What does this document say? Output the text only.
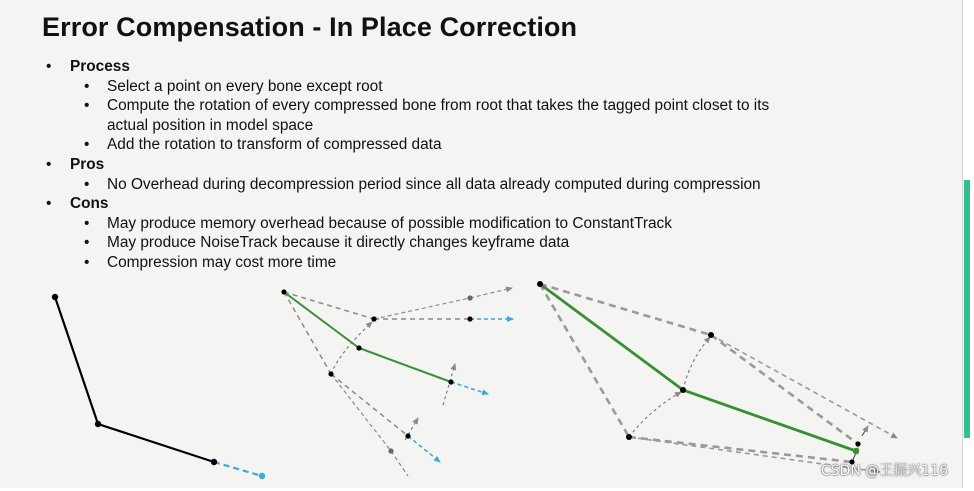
Error Compensation - In Place Correction
• Process
• Select a point on every bone except root
• Compute the rotation of every compressed bone from root that takes the tagged point closet to its actual position in model space
• Add the rotation to transform of compressed data
• Pros
• No Overhead during decompression period since all data already computed during compression
• Cons
• May produce memory overhead because of possible modification to ConstantTrack
• May produce NoiseTrack because it directly changes keyframe data
• Compression may cost more time
CSDN @王振兴116
